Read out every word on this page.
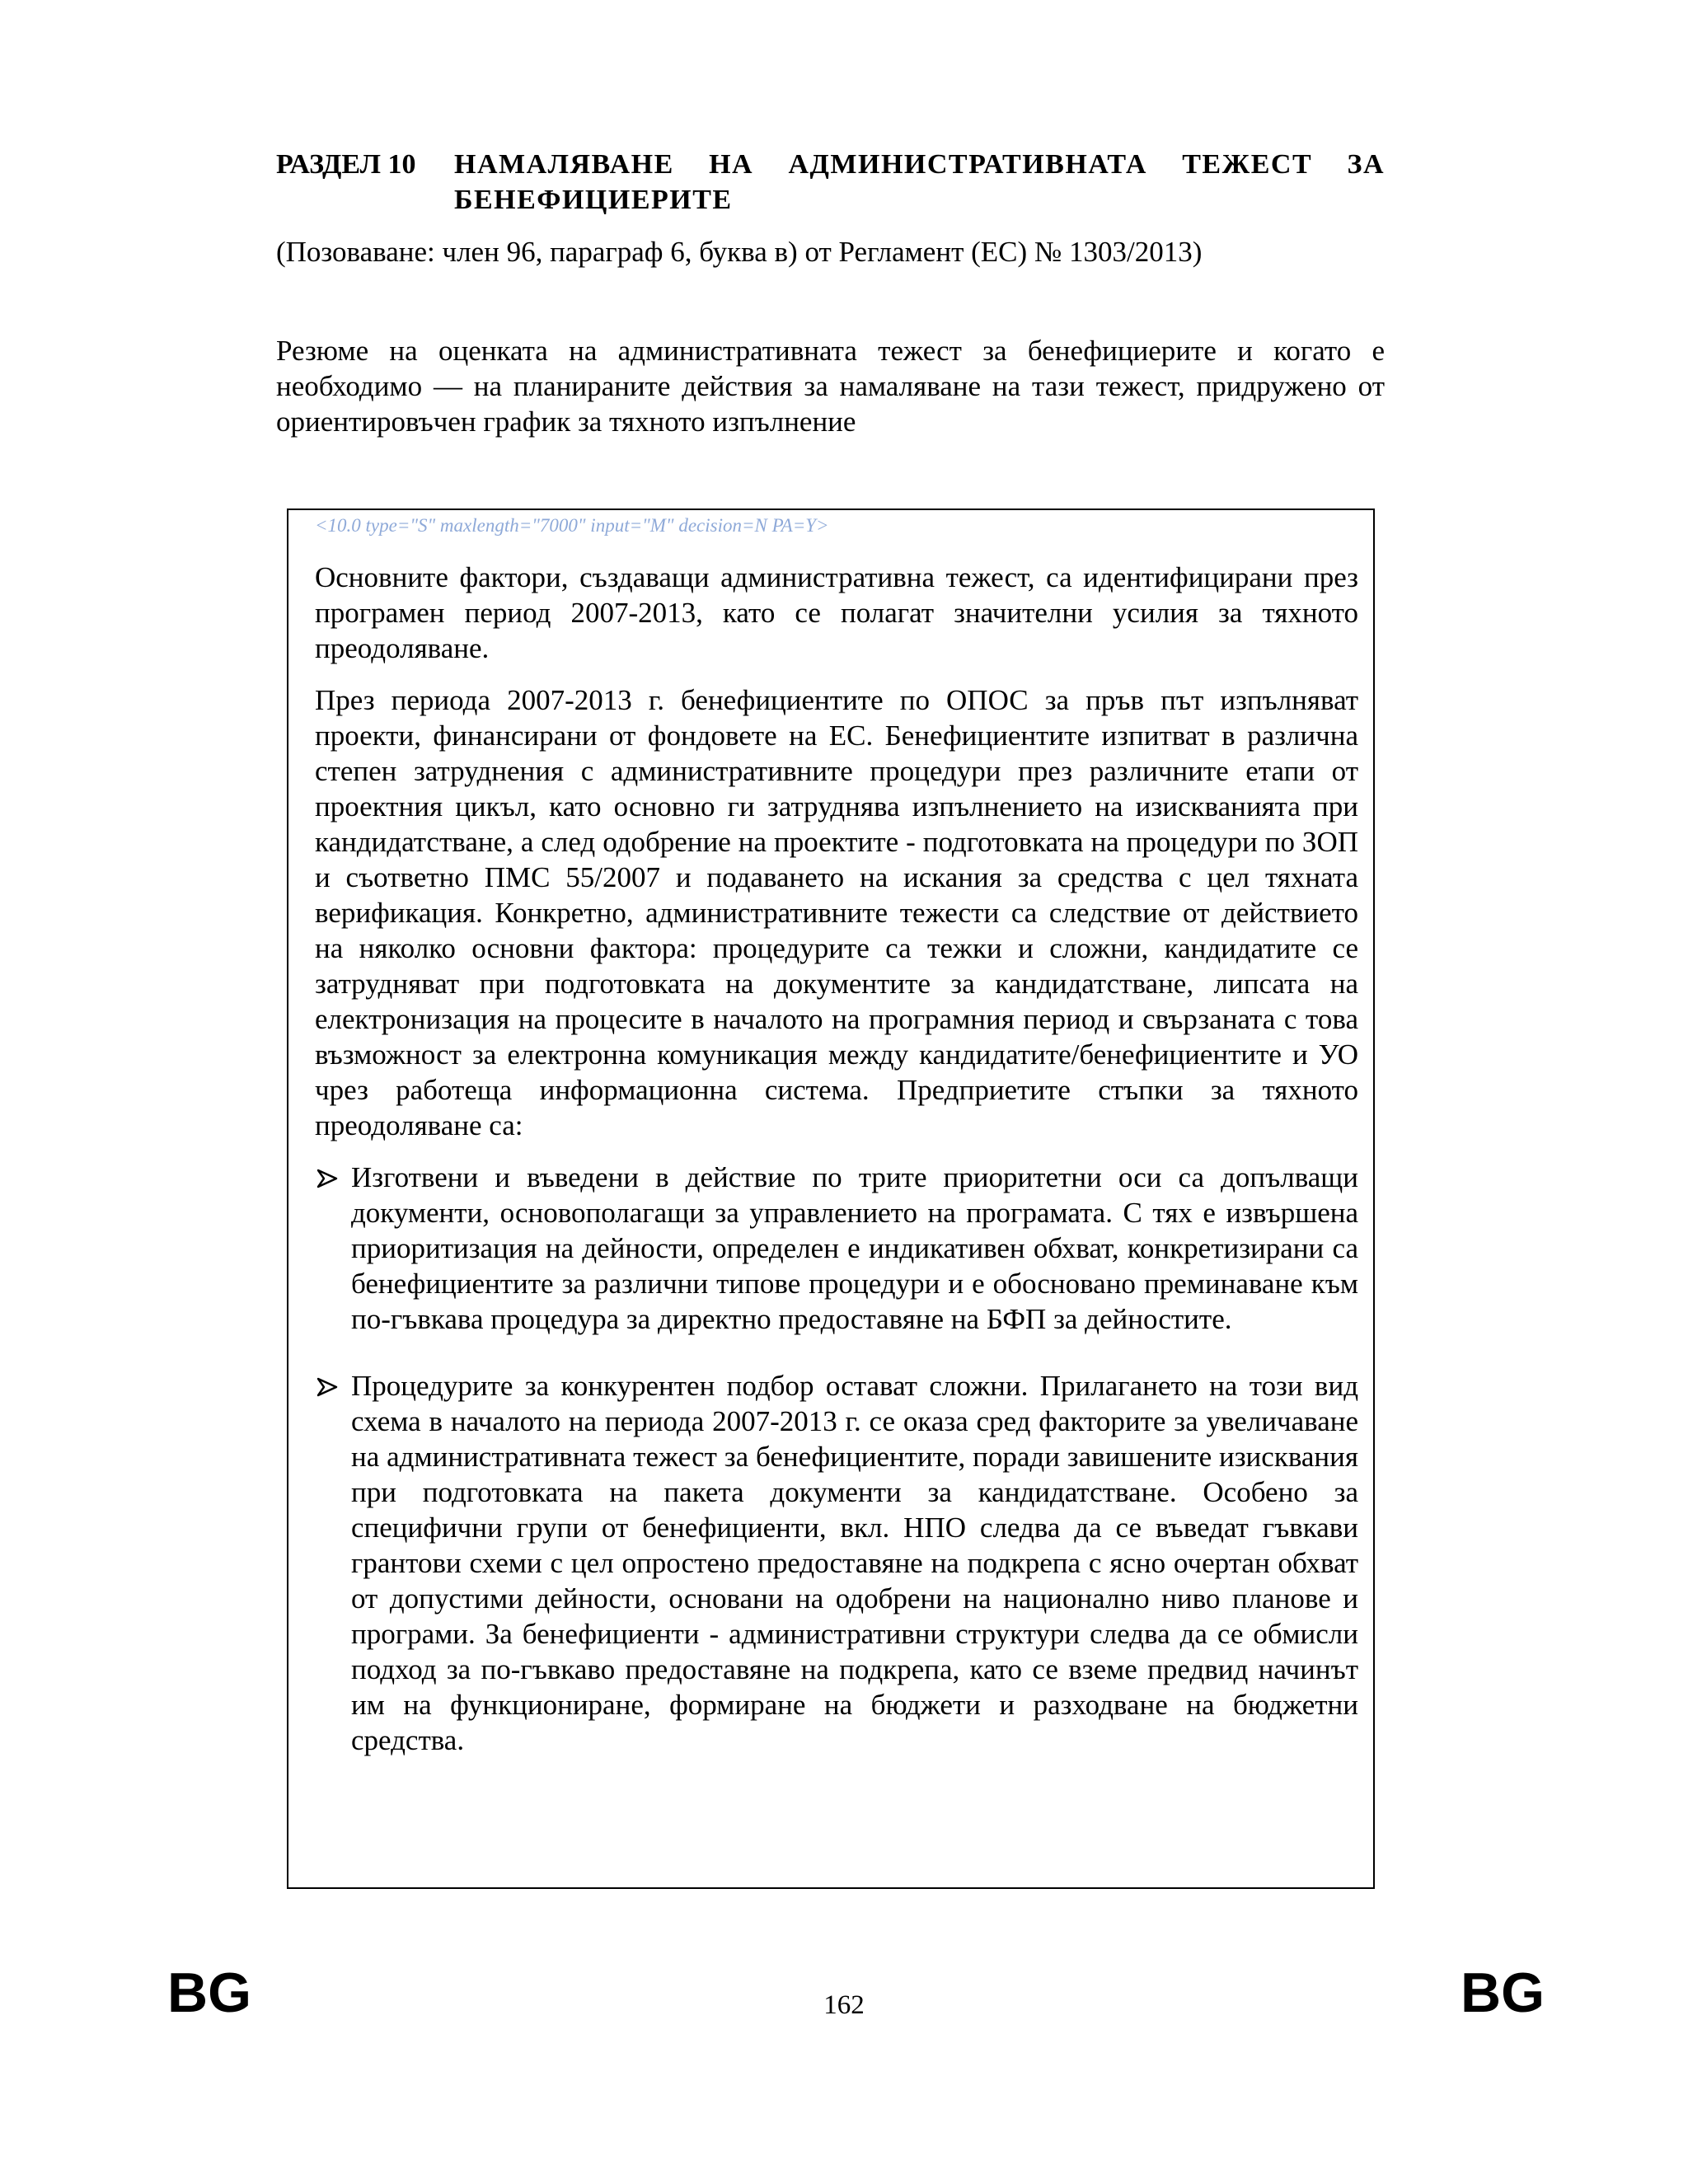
РАЗДЕЛ 10	НАМАЛЯВАНЕ НА АДМИНИСТРАТИВНАТА ТЕЖЕСТ ЗА БЕНЕФИЦИЕРИТЕ
(Позоваване: член 96, параграф 6, буква в) от Регламент (ЕС) № 1303/2013)

Резюме на оценката на административната тежест за бенефициерите и когато е необходимо — на планираните действия за намаляване на тази тежест, придружено от ориентировъчен график за тяхното изпълнение

<10.0 type="S" maxlength="7000" input="M" decision=N PA=Y>

Основните фактори, създаващи административна тежест, са идентифицирани през програмен период 2007-2013, като се полагат значителни усилия за тяхното преодоляване.

През периода 2007-2013 г. бенефициентите по ОПОС за пръв път изпълняват проекти, финансирани от фондовете на ЕС. Бенефициентите изпитват в различна степен затруднения с административните процедури през различните етапи от проектния цикъл, като основно ги затруднява изпълнението на изискванията при кандидатстване, а след одобрение на проектите - подготовката на процедури по ЗОП и съответно ПМС 55/2007 и подаването на искания за средства с цел тяхната верификация. Конкретно, административните тежести са следствие от действието на няколко основни фактора: процедурите са тежки и сложни, кандидатите се затрудняват при подготовката на документите за кандидатстване, липсата на електронизация на процесите в началото на програмния период и свързаната с това възможност за електронна комуникация между кандидатите/бенефициентите и УО чрез работеща информационна система. Предприетите стъпки за тяхното преодоляване са:

Изготвени и въведени в действие по трите приоритетни оси са допълващи документи, основополагащи за управлението на програмата. С тях е извършена приоритизация на дейности, определен е индикативен обхват, конкретизирани са бенефициентите за различни типове процедури и е обосновано преминаване към по-гъвкава процедура за директно предоставяне на БФП за дейностите.
Процедурите за конкурентен подбор остават сложни. Прилагането на този вид схема в началото на периода 2007-2013 г. се оказа сред факторите за увеличаване на административната тежест за бенефициентите, поради завишените изисквания при подготовката на пакета документи за кандидатстване. Особено за специфични групи от бенефициенти, вкл. НПО следва да се въведат гъвкави грантови схеми с цел опростено предоставяне на подкрепа с ясно очертан обхват от допустими дейности, основани на одобрени на национално ниво планове и програми. За бенефициенти - административни структури следва да се обмисли подход за по-гъвкаво предоставяне на подкрепа, като се вземе предвид начинът им на функциониране, формиране на бюджети и разходване на бюджетни средства.
BG	162	BG
